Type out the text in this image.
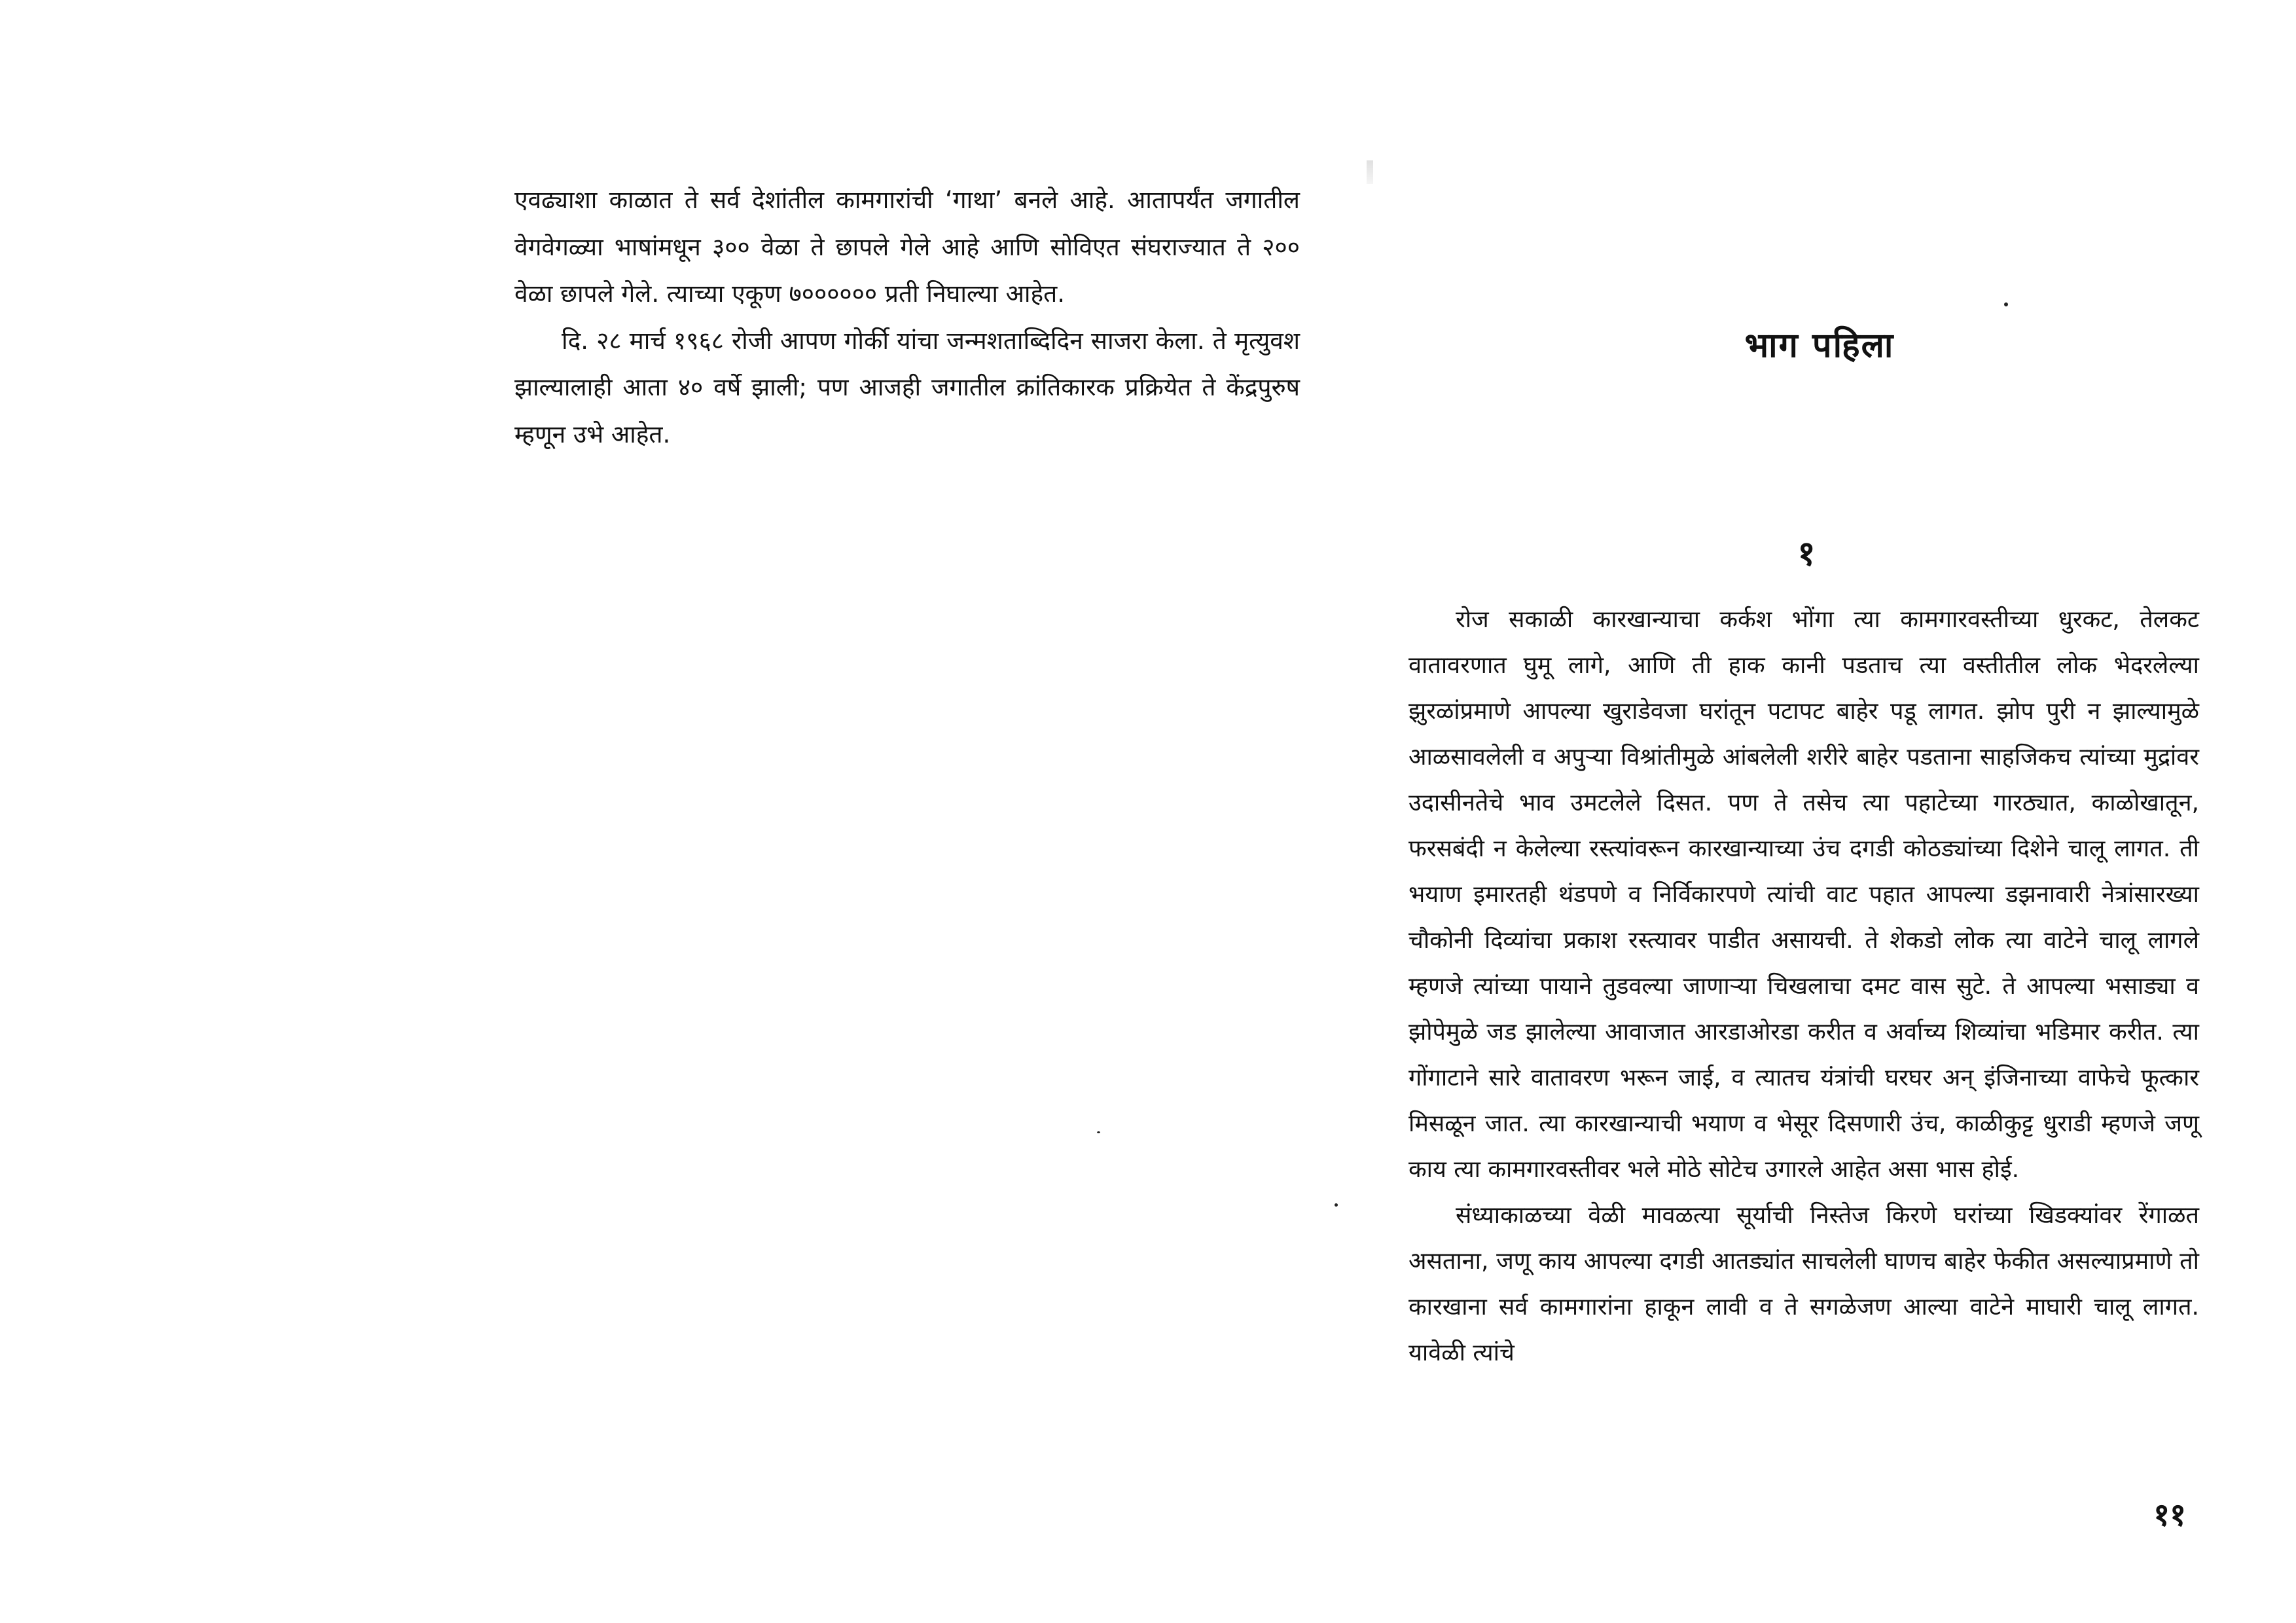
एवढ्याशा काळात ते सर्व देशांतील कामगारांची ‘गाथा’ बनले आहे. आतापर्यंत जगातील वेगवेगळ्या भाषांमधून ३०० वेळा ते छापले गेले आहे आणि सोविएत संघराज्यात ते २०० वेळा छापले गेले. त्याच्या एकूण ७०००००० प्रती निघाल्या आहेत.

दि. २८ मार्च १९६८ रोजी आपण गोर्की यांचा जन्मशताब्दिदिन साजरा केला. ते मृत्युवश झाल्यालाही आता ४० वर्षे झाली; पण आजही जगातील क्रांतिकारक प्रक्रियेत ते केंद्रपुरुष म्हणून उभे आहेत.

भाग पहिला
१

रोज सकाळी कारखान्याचा कर्कश भोंगा त्या कामगारवस्तीच्या धुरकट, तेलकट वातावरणात घुमू लागे, आणि ती हाक कानी पडताच त्या वस्तीतील लोक भेदरलेल्या झुरळांप्रमाणे आपल्या खुराडेवजा घरांतून पटापट बाहेर पडू लागत. झोप पुरी न झाल्यामुळे आळसावलेली व अपुऱ्या विश्रांतीमुळे आंबलेली शरीरे बाहेर पडताना साहजिकच त्यांच्या मुद्रांवर उदासीनतेचे भाव उमटलेले दिसत. पण ते तसेच त्या पहाटेच्या गारठ्यात, काळोखातून, फरसबंदी न केलेल्या रस्त्यांवरून कारखान्याच्या उंच दगडी कोठड्यांच्या दिशेने चालू लागत. ती भयाण इमारतही थंडपणे व निर्विकारपणे त्यांची वाट पहात आपल्या डझनावारी नेत्रांसारख्या चौकोनी दिव्यांचा प्रकाश रस्त्यावर पाडीत असायची. ते शेकडो लोक त्या वाटेने चालू लागले म्हणजे त्यांच्या पायाने तुडवल्या जाणाऱ्या चिखलाचा दमट वास सुटे. ते आपल्या भसाड्या व झोपेमुळे जड झालेल्या आवाजात आरडाओरडा करीत व अर्वाच्य शिव्यांचा भडिमार करीत. त्या गोंगाटाने सारे वातावरण भरून जाई, व त्यातच यंत्रांची घरघर अन् इंजिनाच्या वाफेचे फूत्कार मिसळून जात. त्या कारखान्याची भयाण व भेसूर दिसणारी उंच, काळीकुट्ट धुराडी म्हणजे जणू काय त्या कामगारवस्तीवर भले मोठे सोटेच उगारले आहेत असा भास होई.

संध्याकाळच्या वेळी मावळत्या सूर्याची निस्तेज किरणे घरांच्या खिडक्यांवर रेंगाळत असताना, जणू काय आपल्या दगडी आतड्यांत साचलेली घाणच बाहेर फेकीत असल्याप्रमाणे तो कारखाना सर्व कामगारांना हाकून लावी व ते सगळेजण आल्या वाटेने माघारी चालू लागत. यावेळी त्यांचे

११
